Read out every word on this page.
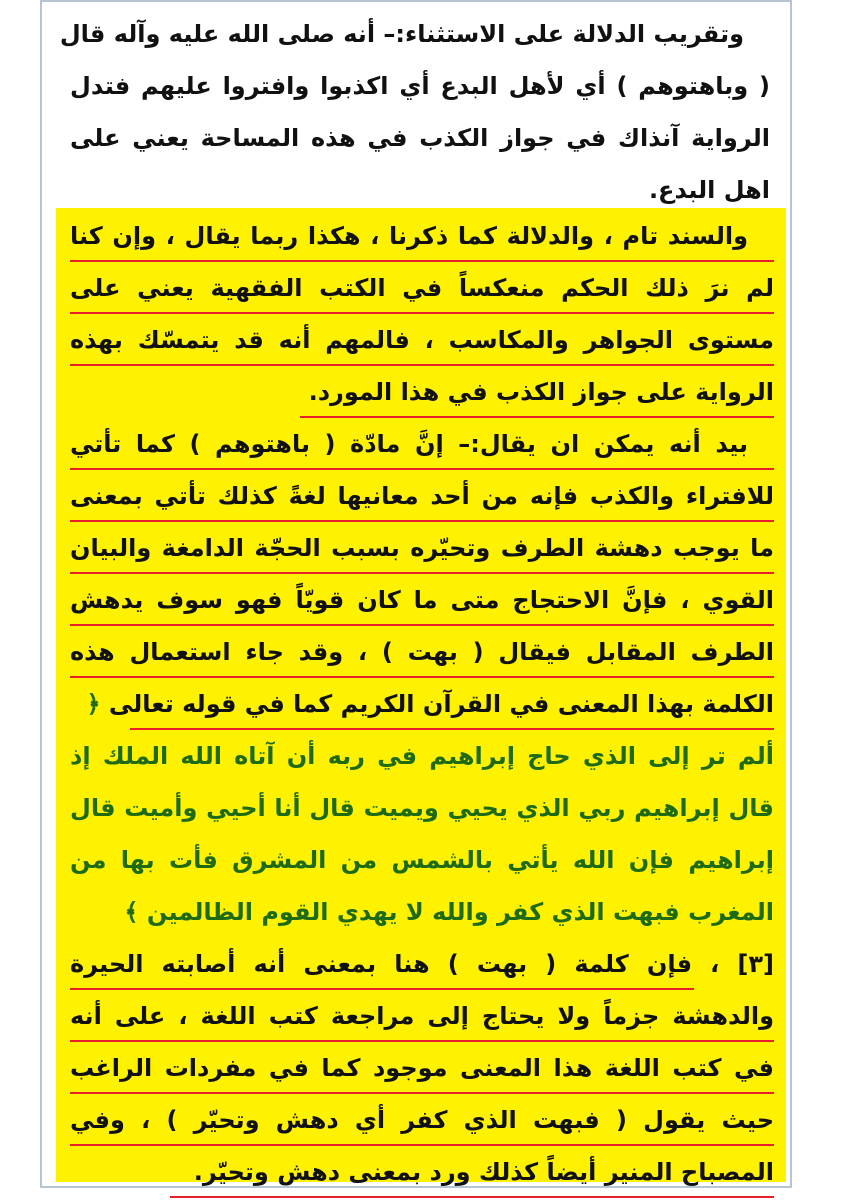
وتقريب الدلالة على الاستثناء:– أنه صلى الله عليه وآله قال
( وباهتوهم ) أي لأهل البدع أي اكذبوا وافتروا عليهم فتدل
الرواية آنذاك في جواز الكذب في هذه المساحة يعني على
اهل البدع.
والسند تام ، والدلالة كما ذكرنا ، هكذا ربما يقال ، وإن كنا
لم نرَ ذلك الحكم منعكساً في الكتب الفقهية يعني على
مستوى الجواهر والمكاسب ، فالمهم أنه قد يتمسّك بهذه
الرواية على جواز الكذب في هذا المورد.
بيد أنه يمكن ان يقال:– إنَّ مادّة ( باهتوهم ) كما تأتي
للافتراء والكذب فإنه من أحد معانيها لغةً كذلك تأتي بمعنى
ما يوجب دهشة الطرف وتحيّره بسبب الحجّة الدامغة والبيان
القوي ، فإنَّ الاحتجاج متى ما كان قويّاً فهو سوف يدهش
الطرف المقابل فيقال ( بهت ) ، وقد جاء استعمال هذه
الكلمة بهذا المعنى في القرآن الكريم كما في قوله تعالى ﴿
ألم تر إلى الذي حاج إبراهيم في ربه أن آتاه الله الملك إذ
قال إبراهيم ربي الذي يحيي ويميت قال أنا أحيي وأميت قال
إبراهيم فإن الله يأتي بالشمس من المشرق فأت بها من
المغرب فبهت الذي كفر والله لا يهدي القوم الظالمين ﴾
[٣] ، فإن كلمة ( بهت ) هنا بمعنى أنه أصابته الحيرة
والدهشة جزماً ولا يحتاج إلى مراجعة كتب اللغة ، على أنه
في كتب اللغة هذا المعنى موجود كما في مفردات الراغب
حيث يقول ( فبهت الذي كفر أي دهش وتحيّر ) ، وفي
المصباح المنير أيضاً كذلك ورد بمعنى دهش وتحيّر.
